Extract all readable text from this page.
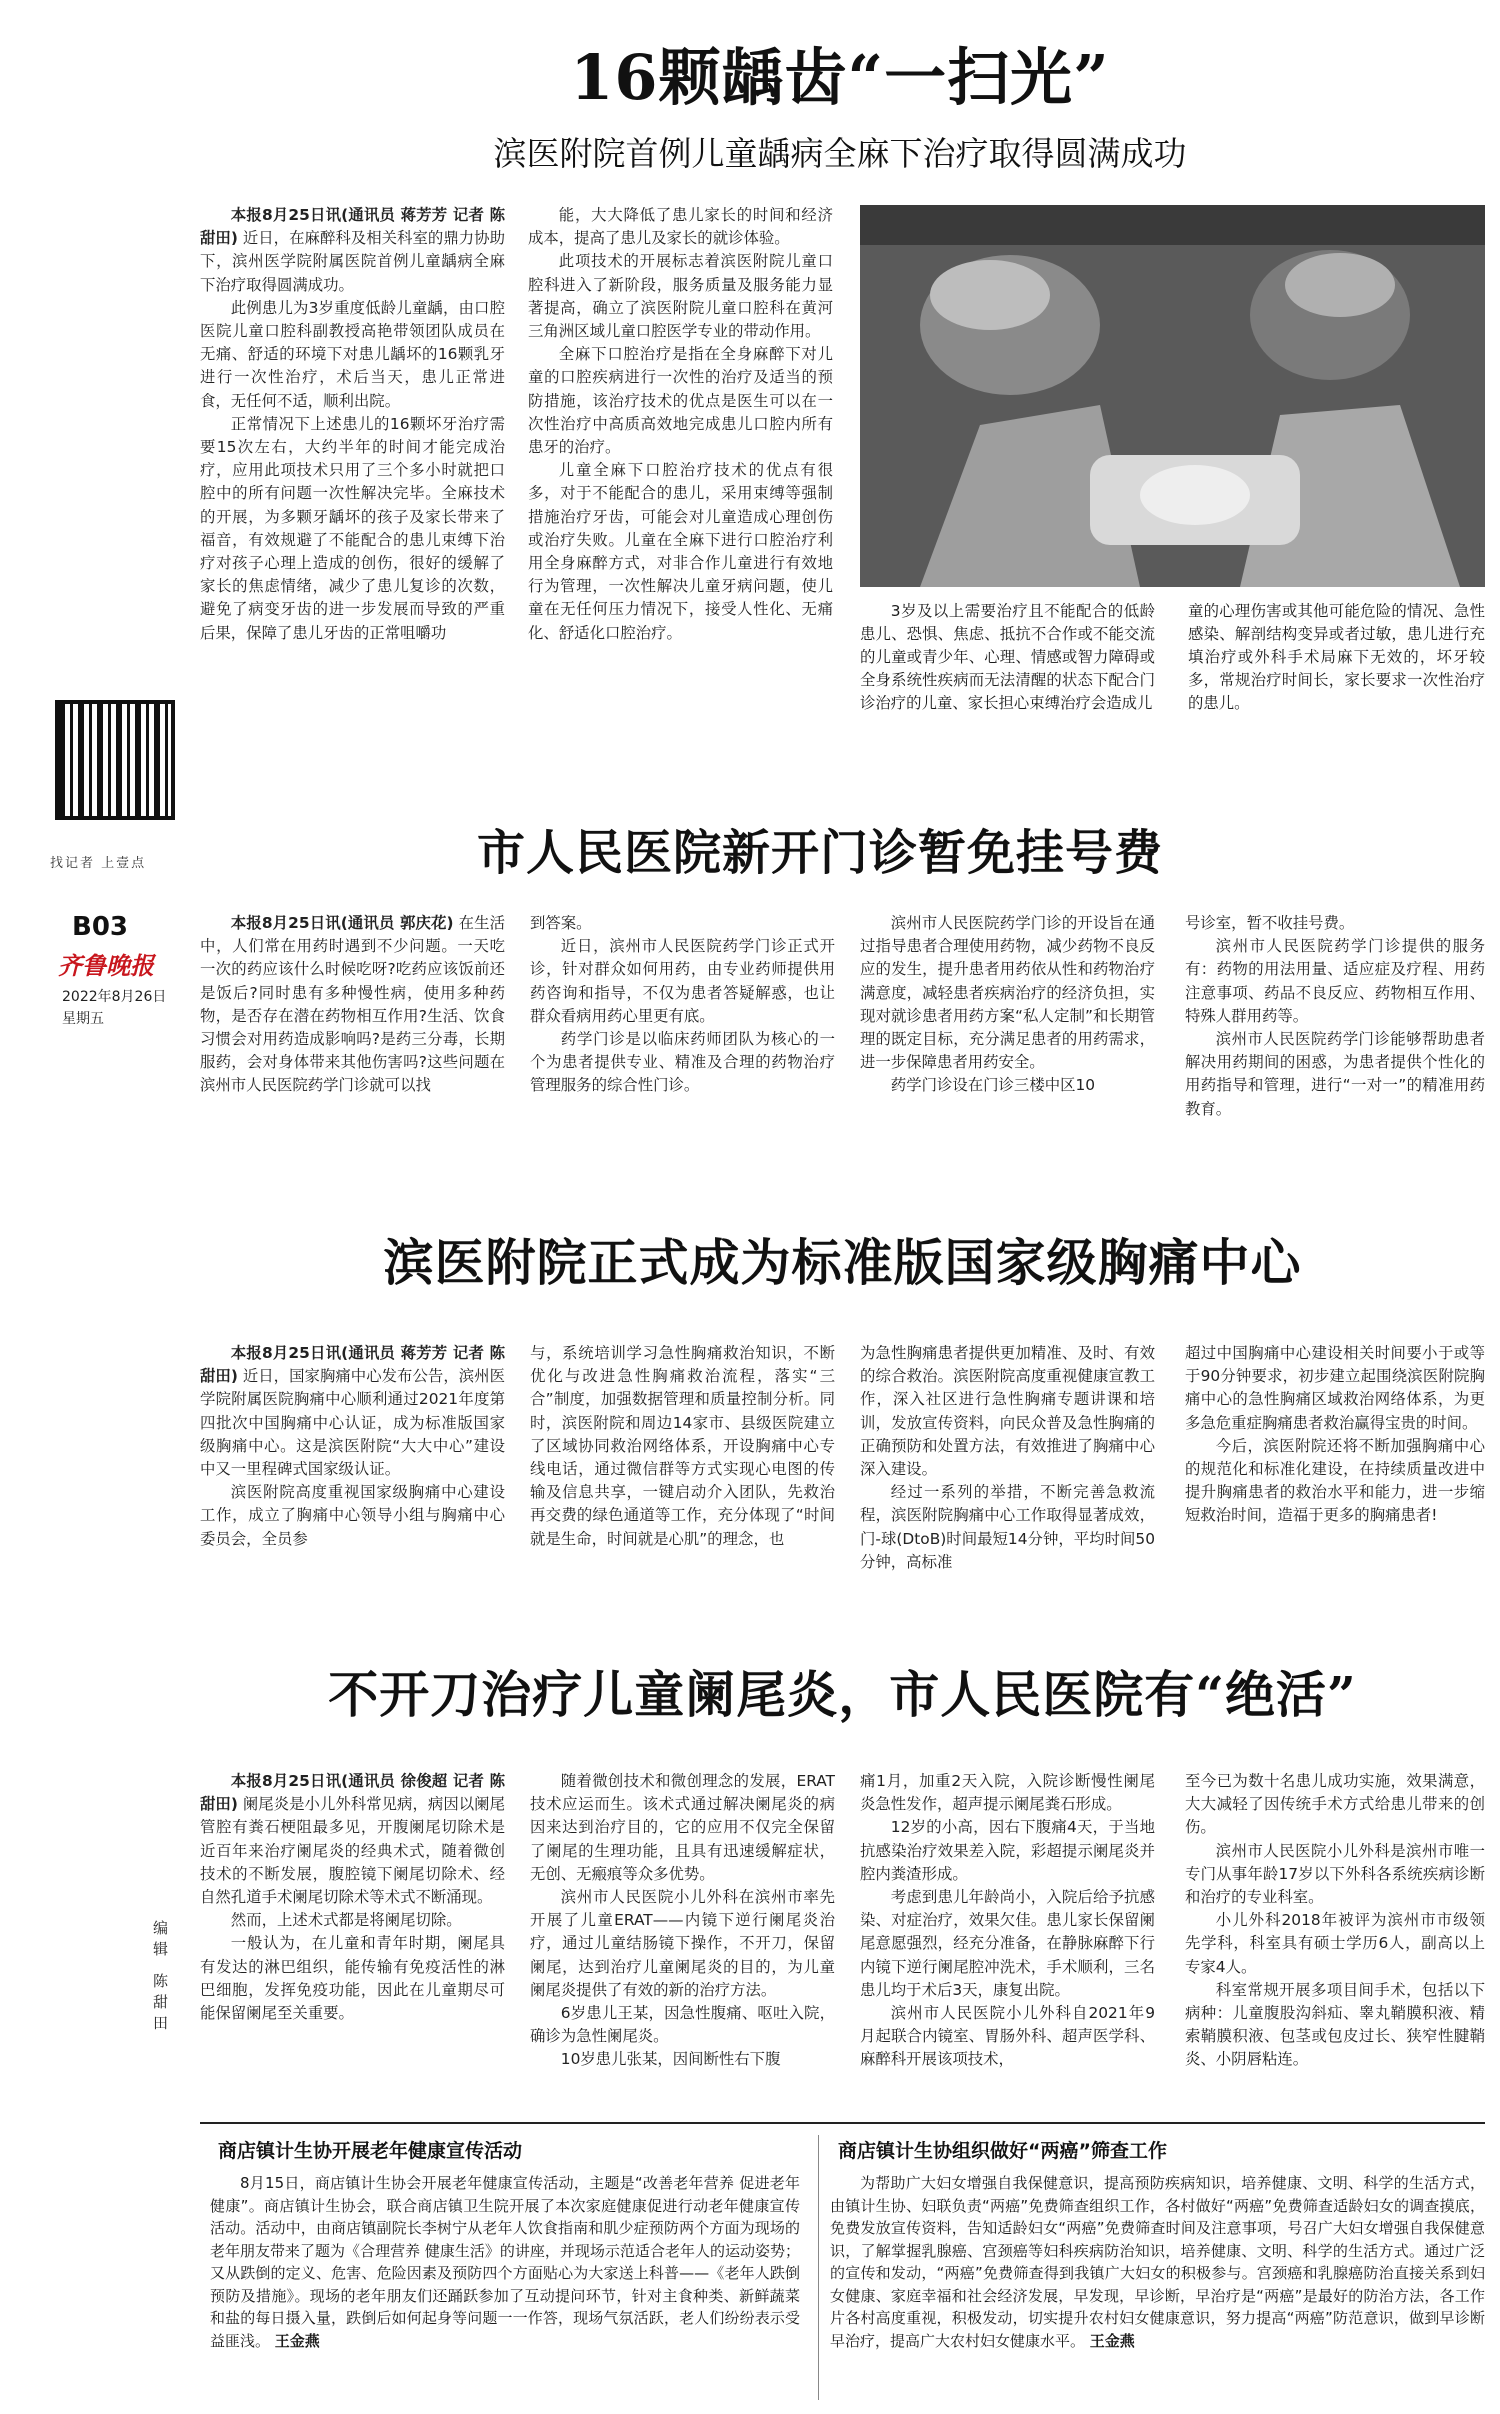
16颗龋齿“一扫光”
滨医附院首例儿童龋病全麻下治疗取得圆满成功

本报8月25日讯(通讯员 蒋芳芳 记者 陈甜田) 近日，在麻醉科及相关科室的鼎力协助下，滨州医学院附属医院首例儿童龋病全麻下治疗取得圆满成功。

此例患儿为3岁重度低龄儿童龋，由口腔医院儿童口腔科副教授高艳带领团队成员在无痛、舒适的环境下对患儿龋坏的16颗乳牙进行一次性治疗，术后当天，患儿正常进食，无任何不适，顺利出院。

正常情况下上述患儿的16颗坏牙治疗需要15次左右，大约半年的时间才能完成治疗，应用此项技术只用了三个多小时就把口腔中的所有问题一次性解决完毕。全麻技术的开展，为多颗牙龋坏的孩子及家长带来了福音，有效规避了不能配合的患儿束缚下治疗对孩子心理上造成的创伤，很好的缓解了家长的焦虑情绪，减少了患儿复诊的次数，避免了病变牙齿的进一步发展而导致的严重后果，保障了患儿牙齿的正常咀嚼功

能，大大降低了患儿家长的时间和经济成本，提高了患儿及家长的就诊体验。

此项技术的开展标志着滨医附院儿童口腔科进入了新阶段，服务质量及服务能力显著提高，确立了滨医附院儿童口腔科在黄河三角洲区域儿童口腔医学专业的带动作用。

全麻下口腔治疗是指在全身麻醉下对儿童的口腔疾病进行一次性的治疗及适当的预防措施，该治疗技术的优点是医生可以在一次性治疗中高质高效地完成患儿口腔内所有患牙的治疗。

儿童全麻下口腔治疗技术的优点有很多，对于不能配合的患儿，采用束缚等强制措施治疗牙齿，可能会对儿童造成心理创伤或治疗失败。儿童在全麻下进行口腔治疗利用全身麻醉方式，对非合作儿童进行有效地行为管理，一次性解决儿童牙病问题，使儿童在无任何压力情况下，接受人性化、无痛化、舒适化口腔治疗。

3岁及以上需要治疗且不能配合的低龄患儿、恐惧、焦虑、抵抗不合作或不能交流的儿童或青少年、心理、情感或智力障碍或全身系统性疾病而无法清醒的状态下配合门诊治疗的儿童、家长担心束缚治疗会造成儿
童的心理伤害或其他可能危险的情况、急性感染、解剖结构变异或者过敏，患儿进行充填治疗或外科手术局麻下无效的，坏牙较多，常规治疗时间长，家长要求一次性治疗的患儿。
找记者 上壹点
B03
齐鲁晚报
2022年8月26日
星期五
市人民医院新开门诊暂免挂号费

本报8月25日讯(通讯员 郭庆花) 在生活中，人们常在用药时遇到不少问题。一天吃一次的药应该什么时候吃呀?吃药应该饭前还是饭后?同时患有多种慢性病，使用多种药物，是否存在潜在药物相互作用?生活、饮食习惯会对用药造成影响吗?是药三分毒，长期服药，会对身体带来其他伤害吗?这些问题在滨州市人民医院药学门诊就可以找

到答案。

近日，滨州市人民医院药学门诊正式开诊，针对群众如何用药，由专业药师提供用药咨询和指导，不仅为患者答疑解惑，也让群众看病用药心里更有底。

药学门诊是以临床药师团队为核心的一个为患者提供专业、精准及合理的药物治疗管理服务的综合性门诊。

滨州市人民医院药学门诊的开设旨在通过指导患者合理使用药物，减少药物不良反应的发生，提升患者用药依从性和药物治疗满意度，减轻患者疾病治疗的经济负担，实现对就诊患者用药方案“私人定制”和长期管理的既定目标，充分满足患者的用药需求，进一步保障患者用药安全。

药学门诊设在门诊三楼中区10

号诊室，暂不收挂号费。

滨州市人民医院药学门诊提供的服务有：药物的用法用量、适应症及疗程、用药注意事项、药品不良反应、药物相互作用、特殊人群用药等。

滨州市人民医院药学门诊能够帮助患者解决用药期间的困惑，为患者提供个性化的用药指导和管理，进行“一对一”的精准用药教育。

滨医附院正式成为标准版国家级胸痛中心

本报8月25日讯(通讯员 蒋芳芳 记者 陈甜田) 近日，国家胸痛中心发布公告，滨州医学院附属医院胸痛中心顺利通过2021年度第四批次中国胸痛中心认证，成为标准版国家级胸痛中心。这是滨医附院“大大中心”建设中又一里程碑式国家级认证。

滨医附院高度重视国家级胸痛中心建设工作，成立了胸痛中心领导小组与胸痛中心委员会，全员参

与，系统培训学习急性胸痛救治知识，不断优化与改进急性胸痛救治流程，落实“三合”制度，加强数据管理和质量控制分析。同时，滨医附院和周边14家市、县级医院建立了区域协同救治网络体系，开设胸痛中心专线电话，通过微信群等方式实现心电图的传输及信息共享，一键启动介入团队，先救治再交费的绿色通道等工作，充分体现了“时间就是生命，时间就是心肌”的理念，也

为急性胸痛患者提供更加精准、及时、有效的综合救治。滨医附院高度重视健康宣教工作，深入社区进行急性胸痛专题讲课和培训，发放宣传资料，向民众普及急性胸痛的正确预防和处置方法，有效推进了胸痛中心深入建设。

经过一系列的举措，不断完善急救流程，滨医附院胸痛中心工作取得显著成效，门-球(DtoB)时间最短14分钟，平均时间50分钟，高标准

超过中国胸痛中心建设相关时间要小于或等于90分钟要求，初步建立起围绕滨医附院胸痛中心的急性胸痛区域救治网络体系，为更多急危重症胸痛患者救治赢得宝贵的时间。

今后，滨医附院还将不断加强胸痛中心的规范化和标准化建设，在持续质量改进中提升胸痛患者的救治水平和能力，进一步缩短救治时间，造福于更多的胸痛患者!

不开刀治疗儿童阑尾炎，市人民医院有“绝活”
编辑 陈甜田

本报8月25日讯(通讯员 徐俊超 记者 陈甜田) 阑尾炎是小儿外科常见病，病因以阑尾管腔有粪石梗阻最多见，开腹阑尾切除术是近百年来治疗阑尾炎的经典术式，随着微创技术的不断发展，腹腔镜下阑尾切除术、经自然孔道手术阑尾切除术等术式不断涌现。

然而，上述术式都是将阑尾切除。

一般认为，在儿童和青年时期，阑尾具有发达的淋巴组织，能传输有免疫活性的淋巴细胞，发挥免疫功能，因此在儿童期尽可能保留阑尾至关重要。

随着微创技术和微创理念的发展，ERAT技术应运而生。该术式通过解决阑尾炎的病因来达到治疗目的，它的应用不仅完全保留了阑尾的生理功能，且具有迅速缓解症状，无创、无瘢痕等众多优势。

滨州市人民医院小儿外科在滨州市率先开展了儿童ERAT——内镜下逆行阑尾炎治疗，通过儿童结肠镜下操作，不开刀，保留阑尾，达到治疗儿童阑尾炎的目的，为儿童阑尾炎提供了有效的新的治疗方法。

6岁患儿王某，因急性腹痛、呕吐入院，确诊为急性阑尾炎。

10岁患儿张某，因间断性右下腹

痛1月，加重2天入院，入院诊断慢性阑尾炎急性发作，超声提示阑尾粪石形成。

12岁的小高，因右下腹痛4天，于当地抗感染治疗效果差入院，彩超提示阑尾炎并腔内粪渣形成。

考虑到患儿年龄尚小，入院后给予抗感染、对症治疗，效果欠佳。患儿家长保留阑尾意愿强烈，经充分准备，在静脉麻醉下行内镜下逆行阑尾腔冲洗术，手术顺利，三名患儿均于术后3天，康复出院。

滨州市人民医院小儿外科自2021年9月起联合内镜室、胃肠外科、超声医学科、麻醉科开展该项技术，

至今已为数十名患儿成功实施，效果满意，大大减轻了因传统手术方式给患儿带来的创伤。

滨州市人民医院小儿外科是滨州市唯一专门从事年龄17岁以下外科各系统疾病诊断和治疗的专业科室。

小儿外科2018年被评为滨州市市级领先学科，科室具有硕士学历6人，副高以上专家4人。

科室常规开展多项目间手术，包括以下病种：儿童腹股沟斜疝、睾丸鞘膜积液、精索鞘膜积液、包茎或包皮过长、狭窄性腱鞘炎、小阴唇粘连。

商店镇计生协开展老年健康宣传活动

8月15日，商店镇计生协会开展老年健康宣传活动，主题是“改善老年营养 促进老年健康”。商店镇计生协会，联合商店镇卫生院开展了本次家庭健康促进行动老年健康宣传活动。活动中，由商店镇副院长李树宁从老年人饮食指南和肌少症预防两个方面为现场的老年朋友带来了题为《合理营养 健康生活》的讲座，并现场示范适合老年人的运动姿势；又从跌倒的定义、危害、危险因素及预防四个方面贴心为大家送上科普——《老年人跌倒预防及措施》。现场的老年朋友们还踊跃参加了互动提问环节，针对主食种类、新鲜蔬菜和盐的每日摄入量，跌倒后如何起身等问题一一作答，现场气氛活跃，老人们纷纷表示受益匪浅。 王金燕

商店镇计生协组织做好“两癌”筛查工作

为帮助广大妇女增强自我保健意识，提高预防疾病知识，培养健康、文明、科学的生活方式，由镇计生协、妇联负责“两癌”免费筛查组织工作，各村做好“两癌”免费筛查适龄妇女的调查摸底，免费发放宣传资料，告知适龄妇女“两癌”免费筛查时间及注意事项，号召广大妇女增强自我保健意识，了解掌握乳腺癌、宫颈癌等妇科疾病防治知识，培养健康、文明、科学的生活方式。通过广泛的宣传和发动，“两癌”免费筛查得到我镇广大妇女的积极参与。宫颈癌和乳腺癌防治直接关系到妇女健康、家庭幸福和社会经济发展，早发现，早诊断，早治疗是“两癌”是最好的防治方法，各工作片各村高度重视，积极发动，切实提升农村妇女健康意识，努力提高“两癌”防范意识，做到早诊断早治疗，提高广大农村妇女健康水平。 王金燕
